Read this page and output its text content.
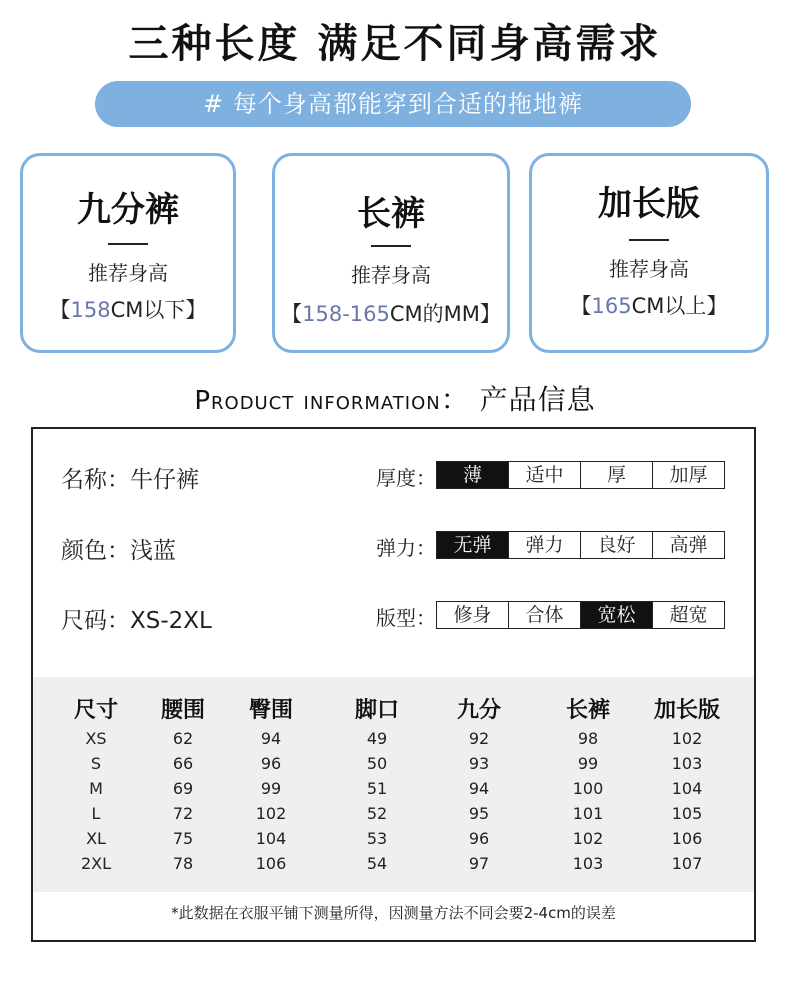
三种长度 满足不同身高需求
# 每个身高都能穿到合适的拖地裤
九分裤
推荐身高
【158CM以下】
长裤
推荐身高
【158-165CM的MM】
加长版
推荐身高
【165CM以上】
Product information： 产品信息
名称：牛仔裤
颜色：浅蓝
尺码：XS-2XL
厚度：	薄	适中	厚	加厚
弹力： 无弹	弹力	良好	高弹
版型： 修身	合体	宽松	超宽
尺寸	腰围	臀围	脚口	九分	长裤	加长版
XS	62	94	49	92	98	102
S	66	96	50	93	99	103
M	69	99	51	94	100	104
L	72	102	52	95	101	105
XL	75	104	53	96	102	106
2XL	78	106	54	97	103	107
*此数据在衣服平铺下测量所得，因测量方法不同会要2-4cm的误差
